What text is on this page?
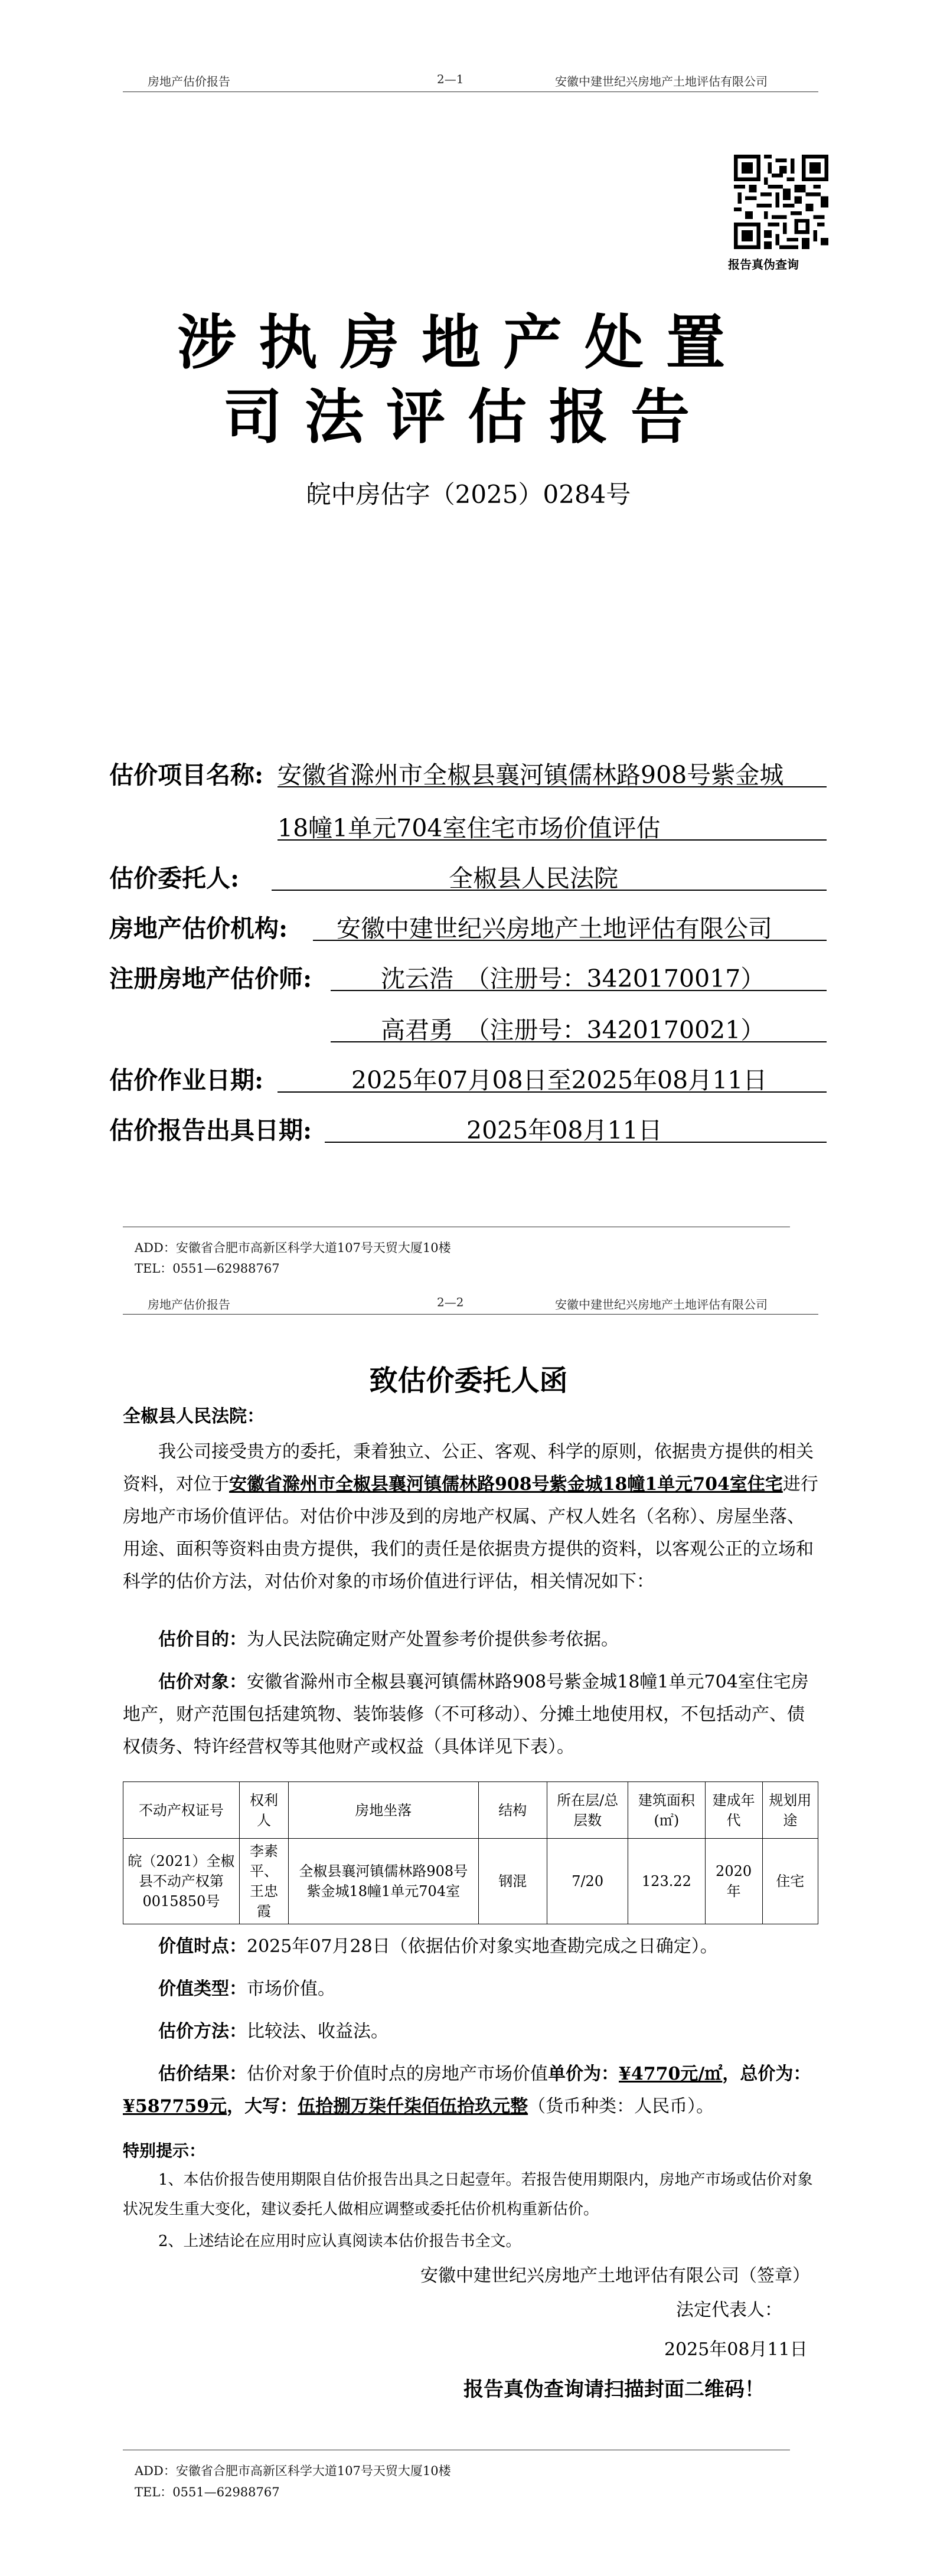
房地产估价报告	2—1	安徽中建世纪兴房地产土地评估有限公司
报告真伪查询
涉执房地产处置
司法评估报告
皖中房估字（2025）0284号
估价项目名称: 安徽省滁州市全椒县襄河镇儒林路908号紫金城
18幢1单元704室住宅市场价值评估
估价委托人:	全椒县人民法院
房地产估价机构: 安徽中建世纪兴房地产土地评估有限公司
注册房地产估价师:	沈云浩　（注册号：3420170017）
高君勇　（注册号：3420170021）
估价作业日期:	2025年07月08日至2025年08月11日
估价报告出具日期:	2025年08月11日
ADD：安徽省合肥市高新区科学大道107号天贸大厦10楼
TEL：0551—62988767
房地产估价报告	2—2	安徽中建世纪兴房地产土地评估有限公司
致估价委托人函
全椒县人民法院：
我公司接受贵方的委托，秉着独立、公正、客观、科学的原则，依据贵方提供的相关资料，对位于安徽省滁州市全椒县襄河镇儒林路908号紫金城18幢1单元704室住宅进行房地产市场价值评估。对估价中涉及到的房地产权属、产权人姓名（名称）、房屋坐落、用途、面积等资料由贵方提供，我们的责任是依据贵方提供的资料，以客观公正的立场和科学的估价方法，对估价对象的市场价值进行评估，相关情况如下：
估价目的：为人民法院确定财产处置参考价提供参考依据。
估价对象：安徽省滁州市全椒县襄河镇儒林路908号紫金城18幢1单元704室住宅房地产，财产范围包括建筑物、装饰装修（不可移动）、分摊土地使用权，不包括动产、债权债务、特许经营权等其他财产或权益（具体详见下表）。
不动产权证号	权利人	房地坐落	结构	所在层/总层数	建筑面积(㎡)	建成年代	规划用途
皖（2021）全椒县不动产权第0015850号	李素平、王忠霞	全椒县襄河镇儒林路908号紫金城18幢1单元704室	钢混	7/20	123.22	2020年	住宅
价值时点：2025年07月28日（依据估价对象实地查勘完成之日确定）。
价值类型：市场价值。
估价方法：比较法、收益法。
估价结果：估价对象于价值时点的房地产市场价值单价为：¥4770元/㎡，总价为：¥587759元，大写：伍拾捌万柒仟柒佰伍拾玖元整（货币种类：人民币）。
特别提示：
1、本估价报告使用期限自估价报告出具之日起壹年。若报告使用期限内，房地产市场或估价对象状况发生重大变化，建议委托人做相应调整或委托估价机构重新估价。
2、上述结论在应用时应认真阅读本估价报告书全文。
安徽中建世纪兴房地产土地评估有限公司（签章）
法定代表人：
2025年08月11日
报告真伪查询请扫描封面二维码！
ADD：安徽省合肥市高新区科学大道107号天贸大厦10楼
TEL：0551—62988767
